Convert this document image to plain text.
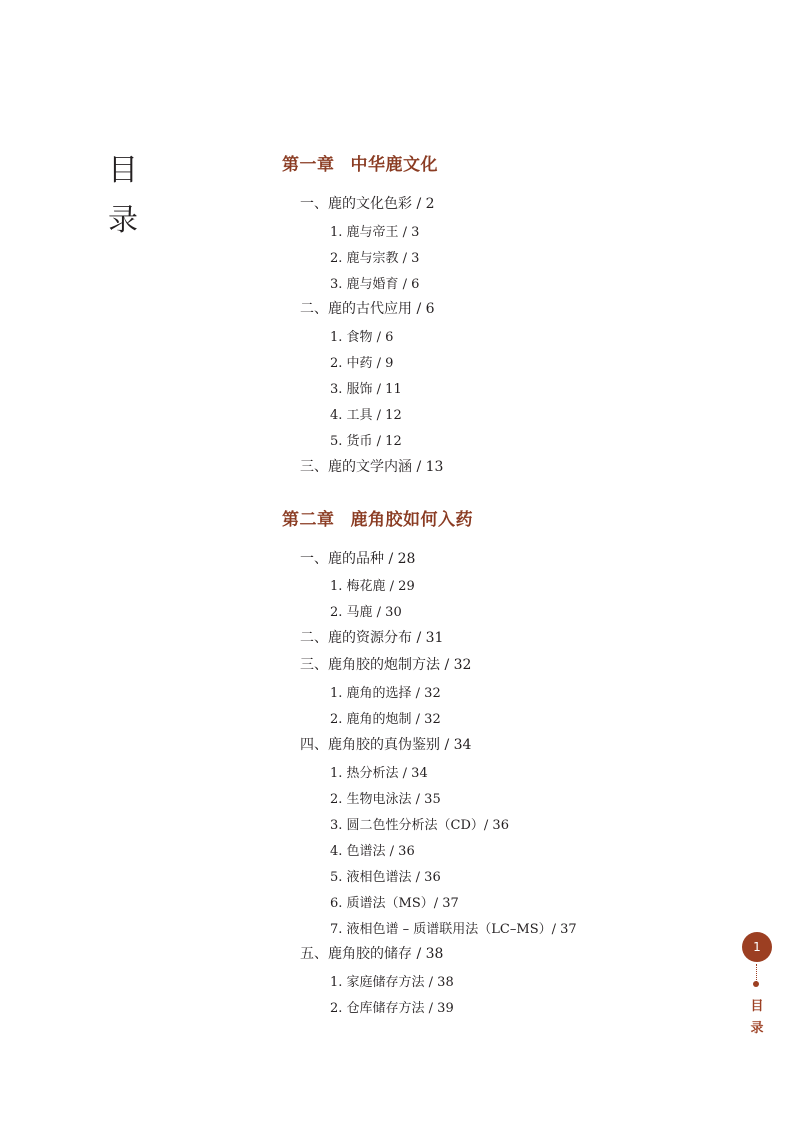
目
录
第一章 中华鹿文化
一、鹿的文化色彩 / 2
1. 鹿与帝王 / 3
2. 鹿与宗教 / 3
3. 鹿与婚育 / 6
二、鹿的古代应用 / 6
1. 食物 / 6
2. 中药 / 9
3. 服饰 / 11
4. 工具 / 12
5. 货币 / 12
三、鹿的文学内涵 / 13
第二章 鹿角胶如何入药
一、鹿的品种 / 28
1. 梅花鹿 / 29
2. 马鹿 / 30
二、鹿的资源分布 / 31
三、鹿角胶的炮制方法 / 32
1. 鹿角的选择 / 32
2. 鹿角的炮制 / 32
四、鹿角胶的真伪鉴别 / 34
1. 热分析法 / 34
2. 生物电泳法 / 35
3. 圆二色性分析法（CD）/ 36
4. 色谱法 / 36
5. 液相色谱法 / 36
6. 质谱法（MS）/ 37
7. 液相色谱 – 质谱联用法（LC–MS）/ 37
五、鹿角胶的储存 / 38
1. 家庭储存方法 / 38
2. 仓库储存方法 / 39
1
目
录
